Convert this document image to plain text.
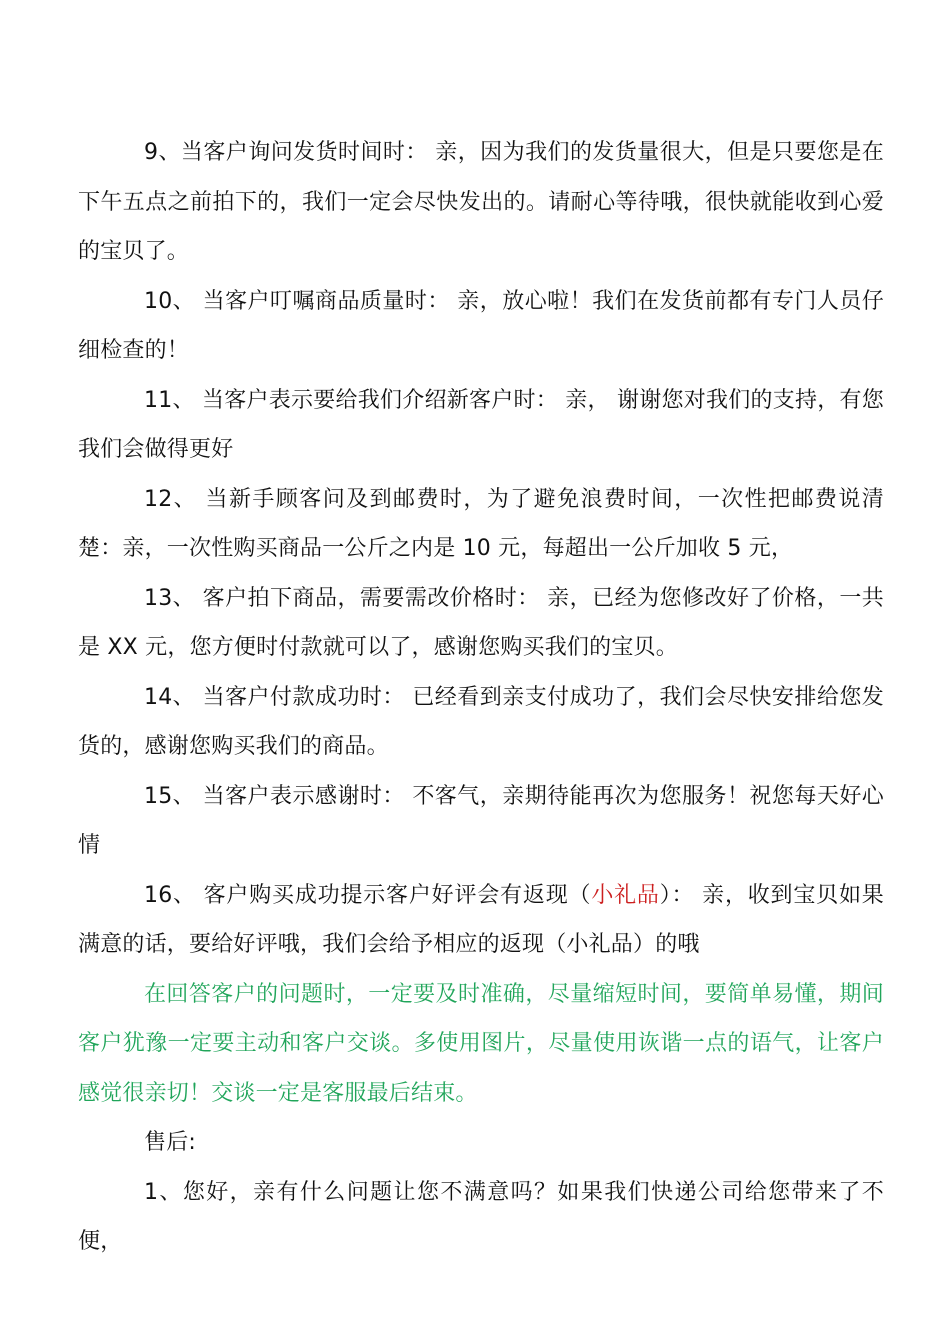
9、当客户询问发货时间时： 亲，因为我们的发货量很大，但是只要您是在下午五点之前拍下的，我们一定会尽快发出的。请耐心等待哦，很快就能收到心爱的宝贝了。

10、 当客户叮嘱商品质量时： 亲，放心啦！我们在发货前都有专门人员仔细检查的！

11、 当客户表示要给我们介绍新客户时： 亲， 谢谢您对我们的支持，有您我们会做得更好

12、 当新手顾客问及到邮费时，为了避免浪费时间，一次性把邮费说清楚：亲，一次性购买商品一公斤之内是 10 元，每超出一公斤加收 5 元，

13、 客户拍下商品，需要需改价格时： 亲，已经为您修改好了价格，一共是 XX 元，您方便时付款就可以了，感谢您购买我们的宝贝。

14、 当客户付款成功时： 已经看到亲支付成功了，我们会尽快安排给您发货的，感谢您购买我们的商品。

15、 当客户表示感谢时： 不客气，亲期待能再次为您服务！祝您每天好心情

16、 客户购买成功提示客户好评会有返现（小礼品）： 亲，收到宝贝如果满意的话，要给好评哦，我们会给予相应的返现（小礼品）的哦

在回答客户的问题时，一定要及时准确，尽量缩短时间，要简单易懂，期间客户犹豫一定要主动和客户交谈。多使用图片，尽量使用诙谐一点的语气，让客户感觉很亲切！交谈一定是客服最后结束。

售后:

1、您好，亲有什么问题让您不满意吗？如果我们快递公司给您带来了不便，
